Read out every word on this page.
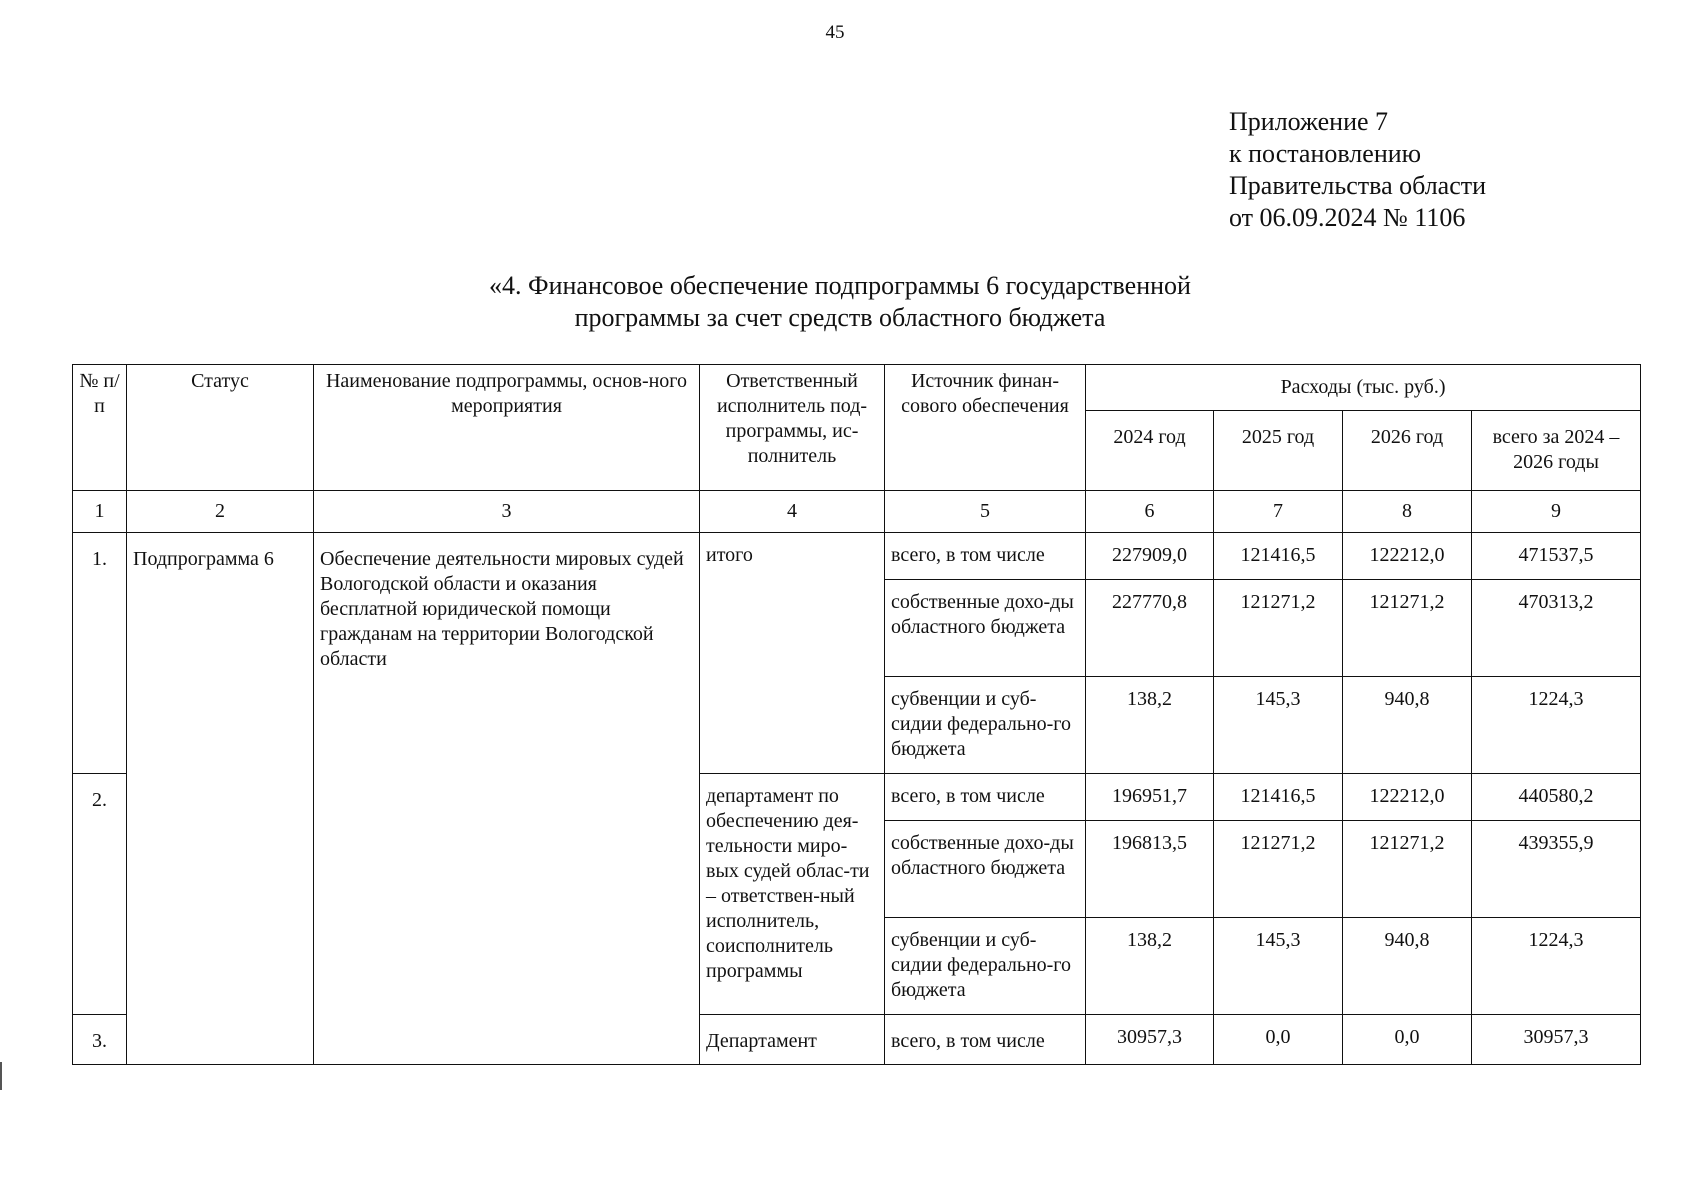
45
Приложение 7
к постановлению
Правительства области
от 06.09.2024 № 1106
«4. Финансовое обеспечение подпрограммы 6 государственной
программы за счет средств областного бюджета
№ п/п	Статус	Наименование подпрограммы, основ-ного мероприятия	Ответственный исполнитель под-программы, ис-полнитель	Источник финан-сового обеспечения	Расходы (тыс. руб.)			
					2024 год	2025 год	2026 год	всего за 2024 – 2026 годы
1	2	3	4	5	6	7	8	9
1.	Подпрограмма 6	Обеспечение деятельности мировых судей Вологодской области и оказания бесплатной юридической помощи гражданам на территории Вологодской области	итого	всего, в том числе	227909,0	121416,5	122212,0	471537,5
				собственные дохо-ды областного бюджета	227770,8	121271,2	121271,2	470313,2
				субвенции и суб-сидии федерально-го бюджета	138,2	145,3	940,8	1224,3
2.			департамент по обеспечению дея-тельности миро-вых судей облас-ти – ответствен-ный исполнитель, соисполнитель программы	всего, в том числе	196951,7	121416,5	122212,0	440580,2
				собственные дохо-ды областного бюджета	196813,5	121271,2	121271,2	439355,9
				субвенции и суб-сидии федерально-го бюджета	138,2	145,3	940,8	1224,3
3.			Департамент	всего, в том числе	30957,3	0,0	0,0	30957,3
